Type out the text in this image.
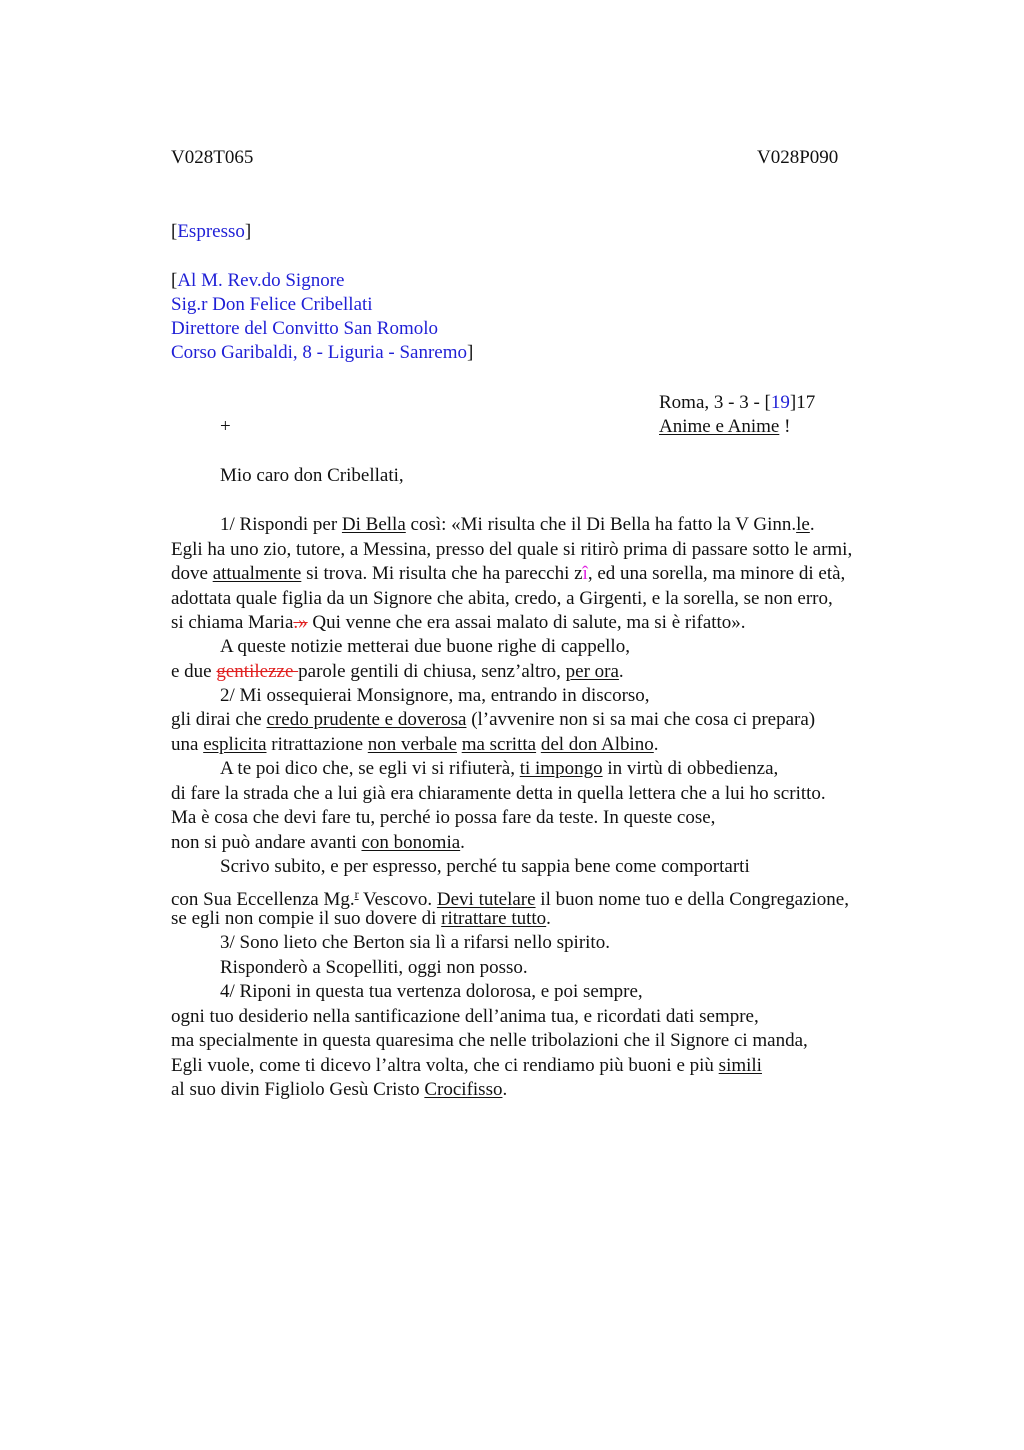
V028T065	V028P090
[Espresso]
[Al M. Rev.do Signore
Sig.r Don Felice Cribellati
Direttore del Convitto San Romolo
Corso Garibaldi, 8 - Liguria - Sanremo]
Roma, 3 - 3 - [19]17
Anime e Anime !
+
Mio caro don Cribellati,
1/ Rispondi per Di Bella così: «Mi risulta che il Di Bella ha fatto la V Ginn.le.
Egli ha uno zio, tutore, a Messina, presso del quale si ritirò prima di passare sotto le armi,
dove attualmente si trova. Mi risulta che ha parecchi zî, ed una sorella, ma minore di età,
adottata quale figlia da un Signore che abita, credo, a Girgenti, e la sorella, se non erro,
si chiama Maria.» Qui venne che era assai malato di salute, ma si è rifatto».
A queste notizie metterai due buone righe di cappello,
e due gentilezze parole gentili di chiusa, senz’altro, per ora.
2/ Mi ossequierai Monsignore, ma, entrando in discorso,
gli dirai che credo prudente e doverosa (l’avvenire non si sa mai che cosa ci prepara)
una esplicita ritrattazione non verbale ma scritta del don Albino.
A te poi dico che, se egli vi si rifiuterà, ti impongo in virtù di obbedienza,
di fare la strada che a lui già era chiaramente detta in quella lettera che a lui ho scritto.
Ma è cosa che devi fare tu, perché io possa fare da teste. In queste cose,
non si può andare avanti con bonomia.
Scrivo subito, e per espresso, perché tu sappia bene come comportarti
con Sua Eccellenza Mg.$^r$ Vescovo. Devi tutelare il buon nome tuo e della Congregazione,
se egli non compie il suo dovere di ritrattare tutto.
3/ Sono lieto che Berton sia lì a rifarsi nello spirito.
Risponderò a Scopelliti, oggi non posso.
4/ Riponi in questa tua vertenza dolorosa, e poi sempre,
ogni tuo desiderio nella santificazione dell’anima tua, e ricordati dati sempre,
ma specialmente in questa quaresima che nelle tribolazioni che il Signore ci manda,
Egli vuole, come ti dicevo l’altra volta, che ci rendiamo più buoni e più simili
al suo divin Figliolo Gesù Cristo Crocifisso.
